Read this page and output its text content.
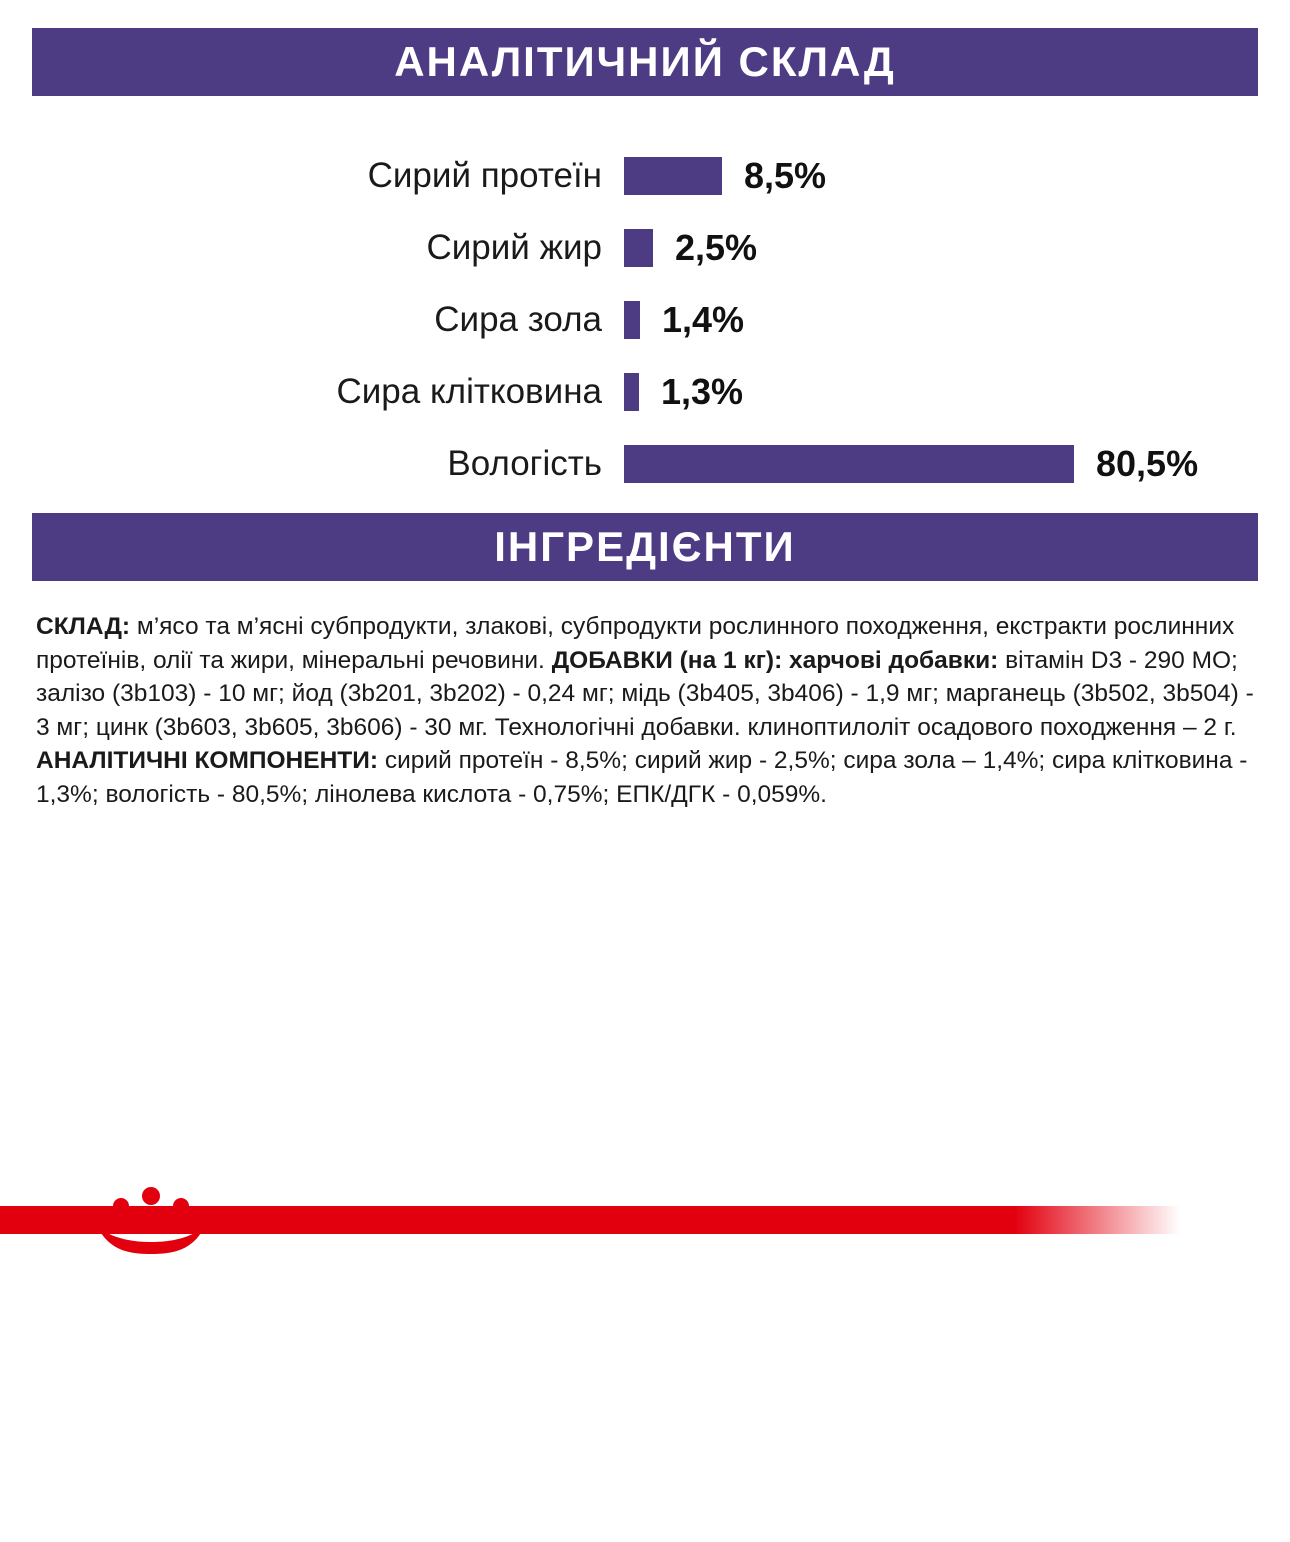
АНАЛІТИЧНИЙ СКЛАД
Сирий протеїн	8,5%
Сирий жир	2,5%
Сира зола	1,4%
Сира клітковина	1,3%
Вологість	80,5%
ІНГРЕДІЄНТИ
СКЛАД: м’ясо та м’ясні субпродукти, злакові, субпродукти рослинного походження, екстракти рослинних протеїнів, олії та жири, мінеральні речовини. ДОБАВКИ (на 1 кг): харчові добавки: вітамін D3 - 290 МО; залізо (3b103) - 10 мг; йод (3b201, 3b202) - 0,24 мг; мідь (3b405, 3b406) - 1,9 мг; марганець (3b502, 3b504) - 3 мг; цинк (3b603, 3b605, 3b606) - 30 мг. Технологічні добавки. клиноптилоліт осадового походження – 2 г. АНАЛІТИЧНІ КОМПОНЕНТИ: сирий протеїн - 8,5%; сирий жир - 2,5%; сира зола – 1,4%; сира клітковина - 1,3%; вологість - 80,5%; лінолева кислота - 0,75%; ЕПК/ДГК - 0,059%.
